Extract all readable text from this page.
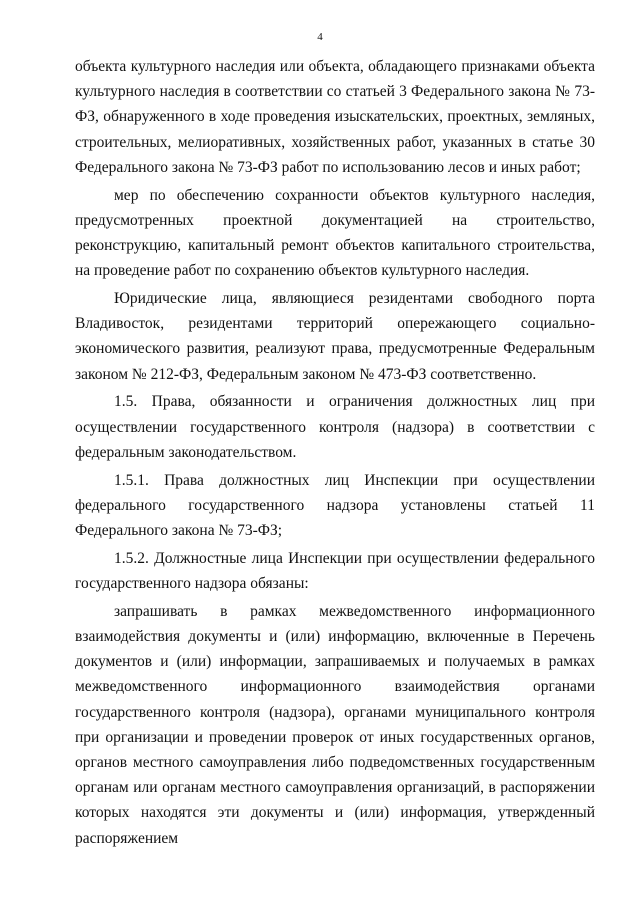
4

объекта культурного наследия или объекта, обладающего признаками объекта культурного наследия в соответствии со статьей 3 Федерального закона № 73-ФЗ, обнаруженного в ходе проведения изыскательских, проектных, земляных, строительных, мелиоративных, хозяйственных работ, указанных в статье 30 Федерального закона № 73-ФЗ работ по использованию лесов и иных работ;

мер по обеспечению сохранности объектов культурного наследия, предусмотренных проектной документацией на строительство, реконструкцию, капитальный ремонт объектов капитального строительства, на проведение работ по сохранению объектов культурного наследия.

Юридические лица, являющиеся резидентами свободного порта Владивосток, резидентами территорий опережающего социально-экономического развития, реализуют права, предусмотренные Федеральным законом № 212-ФЗ, Федеральным законом № 473-ФЗ соответственно.

1.5. Права, обязанности и ограничения должностных лиц при осуществлении государственного контроля (надзора) в соответствии с федеральным законодательством.

1.5.1. Права должностных лиц Инспекции при осуществлении федерального государственного надзора установлены статьей 11 Федерального закона № 73-ФЗ;

1.5.2. Должностные лица Инспекции при осуществлении федерального государственного надзора обязаны:

запрашивать в рамках межведомственного информационного взаимодействия документы и (или) информацию, включенные в Перечень документов и (или) информации, запрашиваемых и получаемых в рамках межведомственного информационного взаимодействия органами государственного контроля (надзора), органами муниципального контроля при организации и проведении проверок от иных государственных органов, органов местного самоуправления либо подведомственных государственным органам или органам местного самоуправления организаций, в распоряжении которых находятся эти документы и (или) информация, утвержденный распоряжением
